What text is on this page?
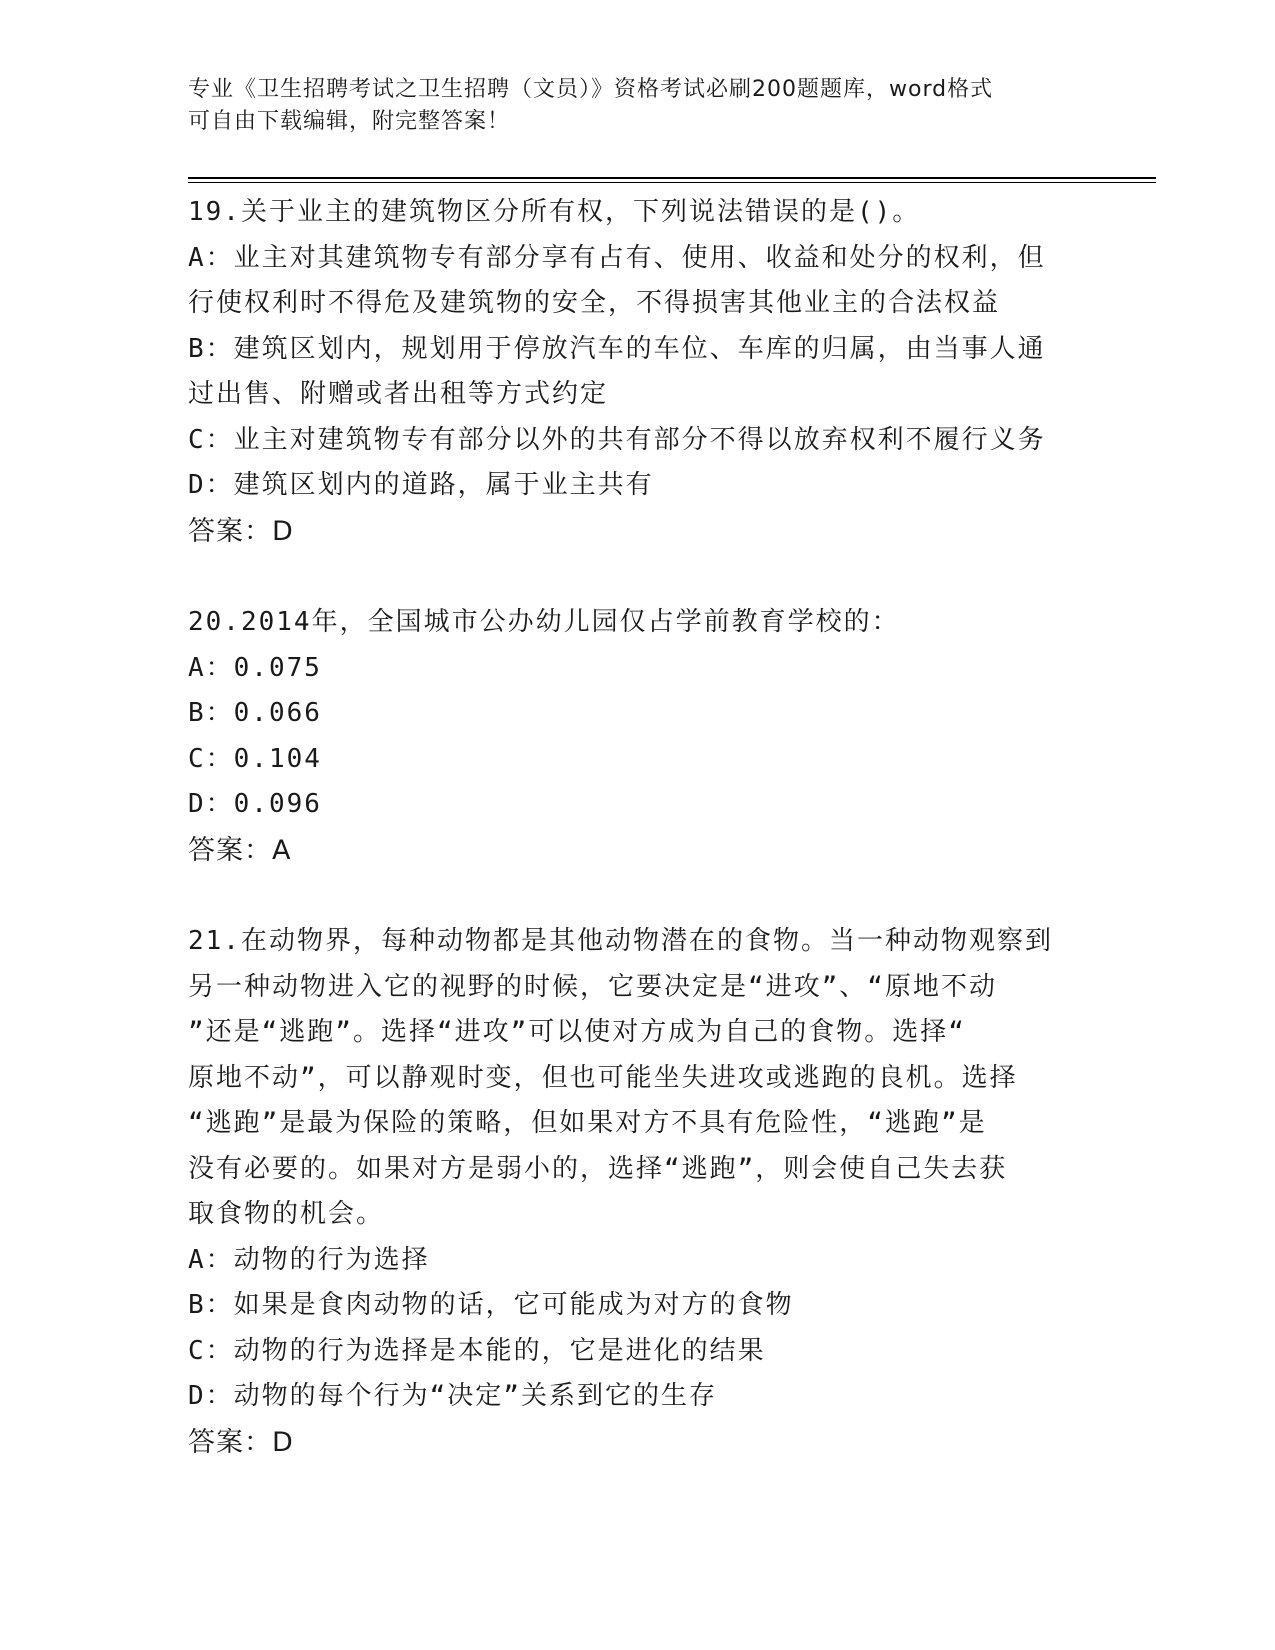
专业《卫生招聘考试之卫生招聘（文员）》资格考试必刷200题题库，word格式
可自由下载编辑，附完整答案！
19.关于业主的建筑物区分所有权，下列说法错误的是()。
A：业主对其建筑物专有部分享有占有、使用、收益和处分的权利，但
行使权利时不得危及建筑物的安全，不得损害其他业主的合法权益
B：建筑区划内，规划用于停放汽车的车位、车库的归属，由当事人通
过出售、附赠或者出租等方式约定
C：业主对建筑物专有部分以外的共有部分不得以放弃权利不履行义务
D：建筑区划内的道路，属于业主共有
答案：D
20.2014年，全国城市公办幼儿园仅占学前教育学校的：
A：0.075
B：0.066
C：0.104
D：0.096
答案：A
21.在动物界，每种动物都是其他动物潜在的食物。当一种动物观察到
另一种动物进入它的视野的时候，它要决定是“进攻”、“原地不动
”还是“逃跑”。选择“进攻”可以使对方成为自己的食物。选择“
原地不动”，可以静观时变，但也可能坐失进攻或逃跑的良机。选择
“逃跑”是最为保险的策略，但如果对方不具有危险性，“逃跑”是
没有必要的。如果对方是弱小的，选择“逃跑”，则会使自己失去获
取食物的机会。
A：动物的行为选择
B：如果是食肉动物的话，它可能成为对方的食物
C：动物的行为选择是本能的，它是进化的结果
D：动物的每个行为“决定”关系到它的生存
答案：D
